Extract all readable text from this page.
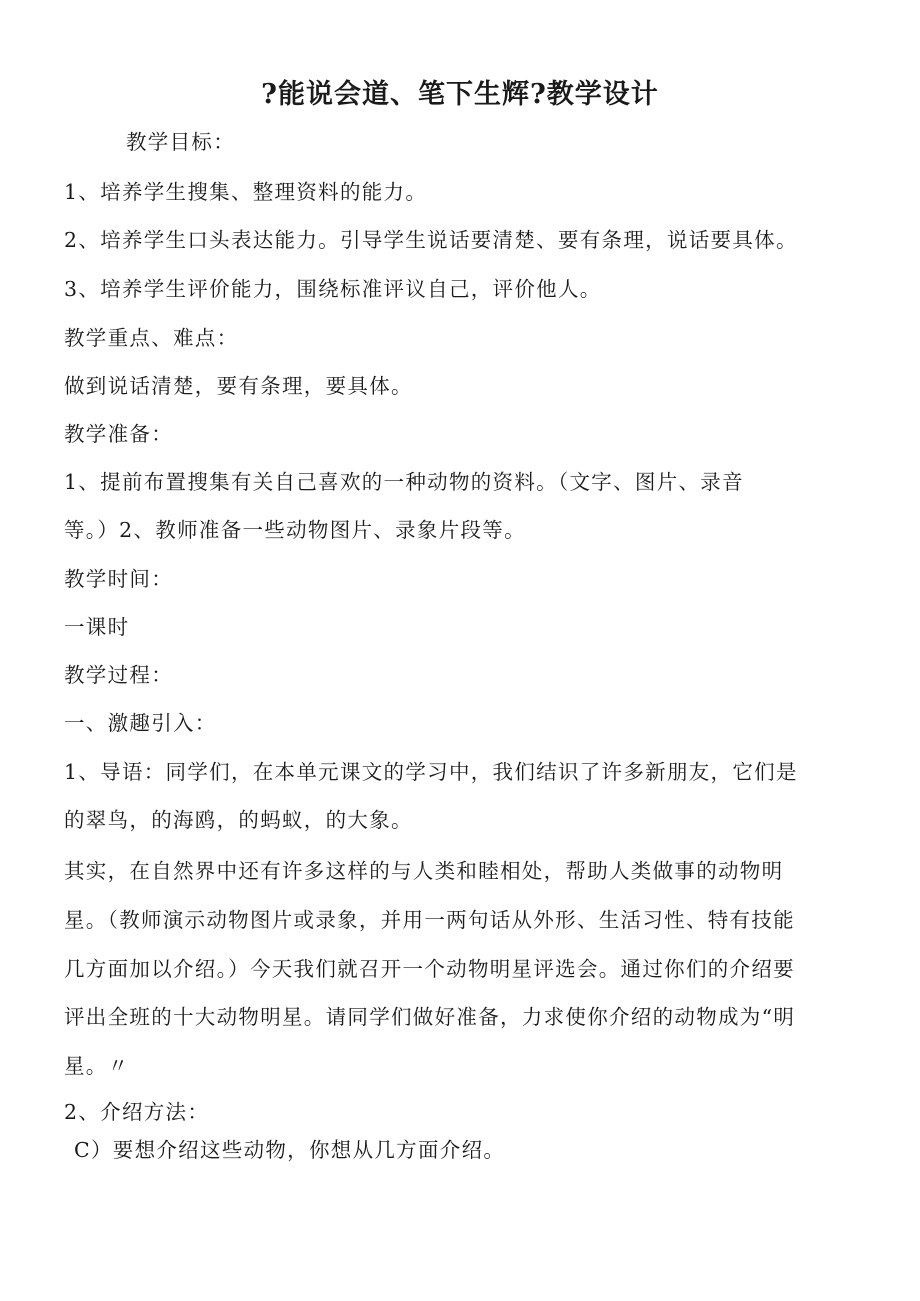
?能说会道、笔下生辉?教学设计
教学目标：
1、培养学生搜集、整理资料的能力。
2、培养学生口头表达能力。引导学生说话要清楚、要有条理，说话要具体。
3、培养学生评价能力，围绕标准评议自己，评价他人。
教学重点、难点：
做到说话清楚，要有条理，要具体。
教学准备：
1、提前布置搜集有关自己喜欢的一种动物的资料。（文字、图片、录音
等。）2、教师准备一些动物图片、录象片段等。
教学时间：
一课时
教学过程：
一、激趣引入：
1、导语：同学们，在本单元课文的学习中，我们结识了许多新朋友，它们是
的翠鸟，的海鸥，的蚂蚁，的大象。
其实，在自然界中还有许多这样的与人类和睦相处，帮助人类做事的动物明
星。（教师演示动物图片或录象，并用一两句话从外形、生活习性、特有技能
几方面加以介绍。）今天我们就召开一个动物明星评选会。通过你们的介绍要
评出全班的十大动物明星。请同学们做好准备，力求使你介绍的动物成为“明
星。〃
2、介绍方法：
C）要想介绍这些动物，你想从几方面介绍。
